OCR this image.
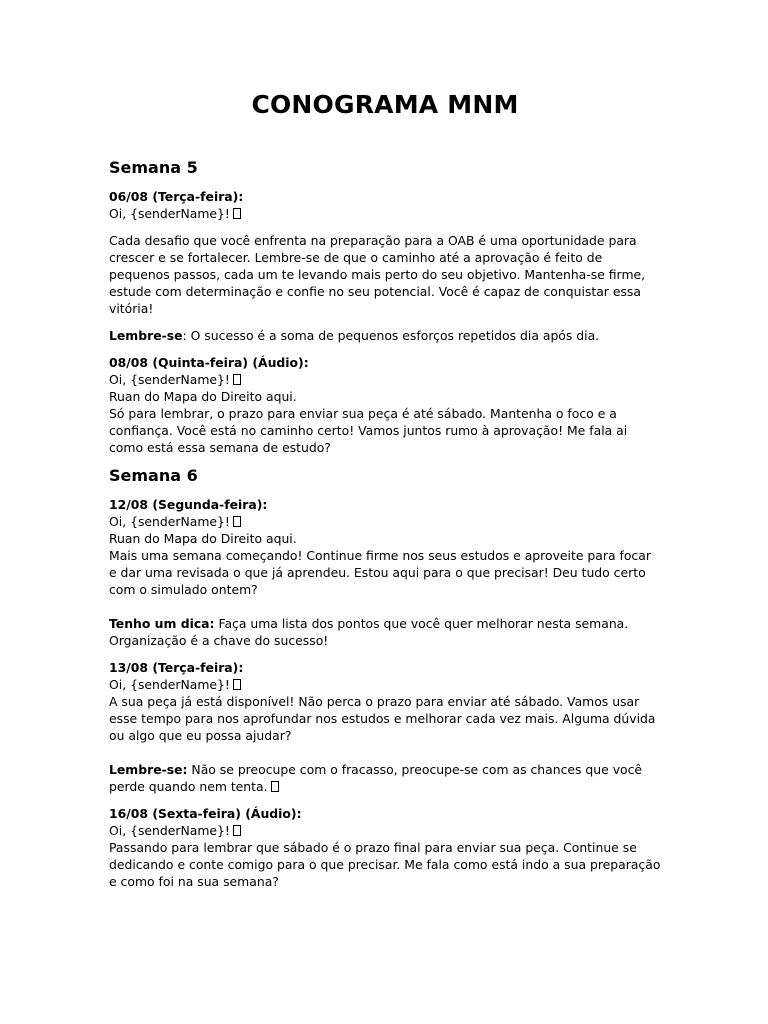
CONOGRAMA MNM
Semana 5

06/08 (Terça-feira):

Oi, {senderName}!

Cada desafio que você enfrenta na preparação para a OAB é uma oportunidade para crescer e se fortalecer. Lembre-se de que o caminho até a aprovação é feito de pequenos passos, cada um te levando mais perto do seu objetivo. Mantenha-se firme, estude com determinação e confie no seu potencial. Você é capaz de conquistar essa vitória!

Lembre-se: O sucesso é a soma de pequenos esforços repetidos dia após dia.

08/08 (Quinta-feira) (Áudio):

Oi, {senderName}!

Ruan do Mapa do Direito aqui.

Só para lembrar, o prazo para enviar sua peça é até sábado. Mantenha o foco e a confiança. Você está no caminho certo! Vamos juntos rumo à aprovação! Me fala ai como está essa semana de estudo?

Semana 6

12/08 (Segunda-feira):

Oi, {senderName}!

Ruan do Mapa do Direito aqui.

Mais uma semana começando! Continue firme nos seus estudos e aproveite para focar e dar uma revisada o que já aprendeu. Estou aqui para o que precisar! Deu tudo certo com o simulado ontem?

Tenho um dica: Faça uma lista dos pontos que você quer melhorar nesta semana. Organização é a chave do sucesso!

13/08 (Terça-feira):

Oi, {senderName}!

A sua peça já está disponível! Não perca o prazo para enviar até sábado. Vamos usar esse tempo para nos aprofundar nos estudos e melhorar cada vez mais. Alguma dúvida ou algo que eu possa ajudar?

Lembre-se: Não se preocupe com o fracasso, preocupe-se com as chances que você perde quando nem tenta.

16/08 (Sexta-feira) (Áudio):

Oi, {senderName}!

Passando para lembrar que sábado é o prazo final para enviar sua peça. Continue se dedicando e conte comigo para o que precisar. Me fala como está indo a sua preparação e como foi na sua semana?
